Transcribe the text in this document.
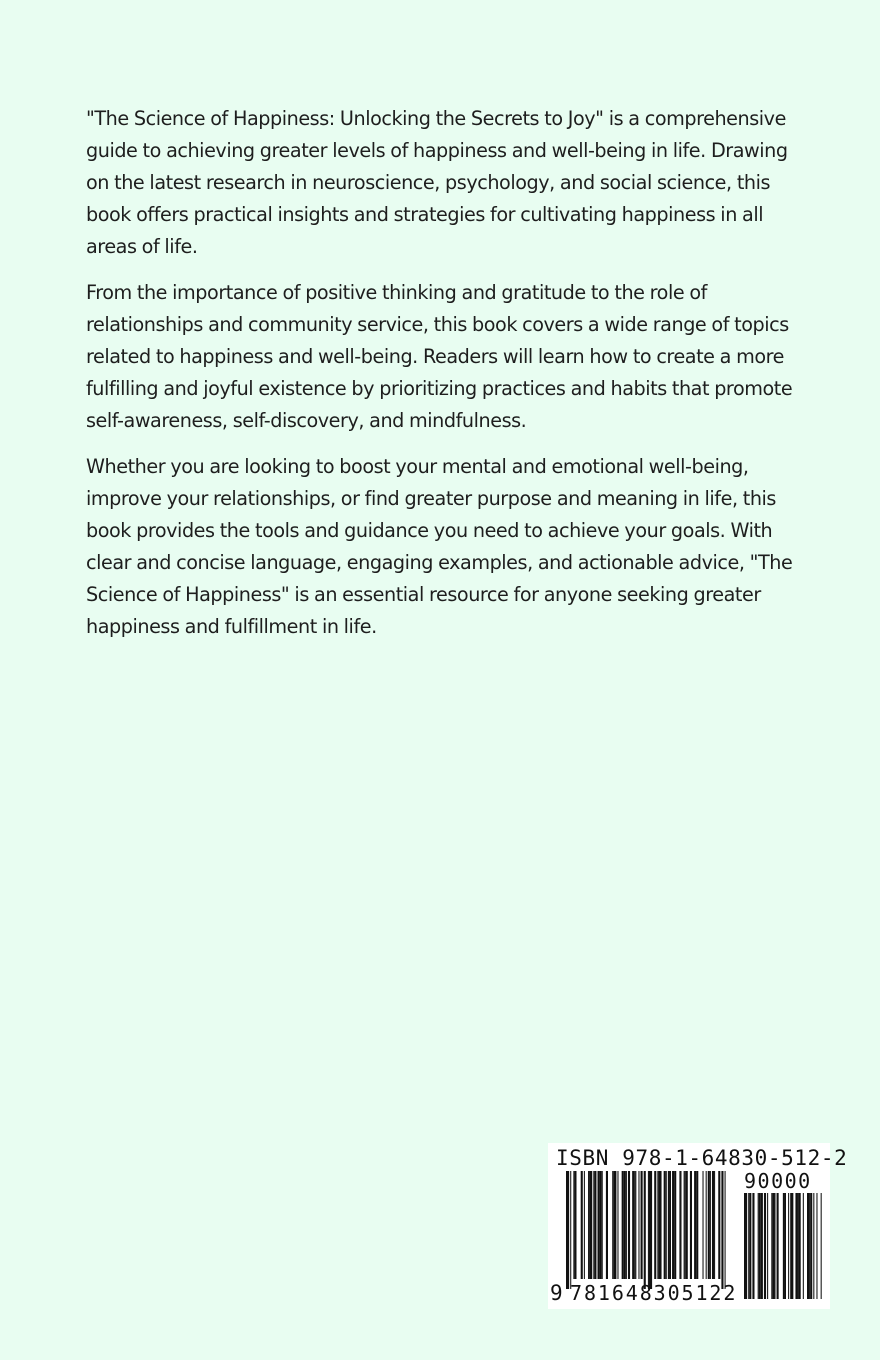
"The Science of Happiness: Unlocking the Secrets to Joy" is a comprehensive guide to achieving greater levels of happiness and well-being in life. Drawing on the latest research in neuroscience, psychology, and social science, this book offers practical insights and strategies for cultivating happiness in all areas of life.

From the importance of positive thinking and gratitude to the role of relationships and community service, this book covers a wide range of topics related to happiness and well-being. Readers will learn how to create a more fulfilling and joyful existence by prioritizing practices and habits that promote self-awareness, self-discovery, and mindfulness.

Whether you are looking to boost your mental and emotional well-being, improve your relationships, or find greater purpose and meaning in life, this book provides the tools and guidance you need to achieve your goals. With clear and concise language, engaging examples, and actionable advice, "The Science of Happiness" is an essential resource for anyone seeking greater happiness and fulfillment in life.

ISBN 978-1-64830-512-2
90000
9 781648305122
